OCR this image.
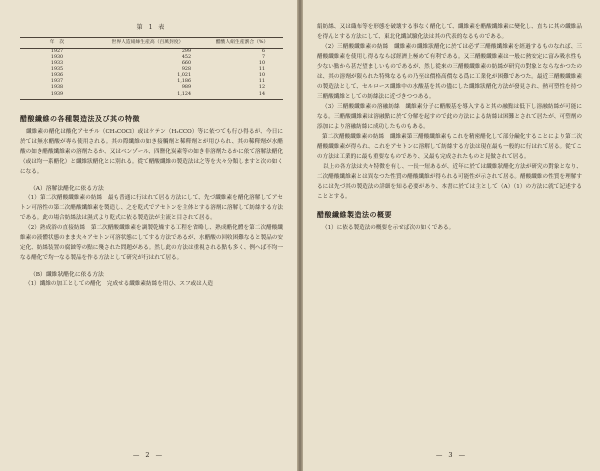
第 1 表
年　次	世界人造絹絲生産高（百萬封度）	醋酸人絹生産割合（%）
1927	299	6
1930	452	7
1933	660	10
1935	928	11
1936	1,021	10
1937	1,186	11
1938	989	12
1939	1,124	14
醋酸纖維の各種製造法及び其の特徴

纖維素の醋化は酸化アセチル（CH₃COCl）或はケテン（H₂CCO）等に依つても行ひ得るが、今日に於ては無水醋酸が專ら使用される。其の際纖維の如き接觸劑と稀釋劑とが用ひられ、其の稀釋劑が水醋酸の如き醋酸纖維素の溶劑たるか、又はベンゾール、四鹽化炭素等の如き非溶劑たるかに依て溶解法醋化（或は均一系醋化）と纖維狀醋化とに別れる。從て醋酸纖維の製造法は之等を夫々分類しますと次の如くになる。

（A）溶解法醋化に依る方法

（1）第二次醋酸纖維素の紡絲　最も普通に行はれて居る方法にして、先づ纖維素を醋化溶解してアセトン可溶性の第二次醋酸纖維素を製造し、之を乾式でアセトンを主体とする溶劑に溶解して紡絲する方法である。此の場合紡絲法は濕式より乾式に依る製造法が主流と目されて居る。

（2）熟成浴の直接紡絲　第二次醋酸纖維素を調製乾燥する工程を省略し、熟成醋化體を第二次醋酸纖維素の液體状態のまま夫々アセトン可溶状態にしてする方法であるが、水醋酸の回收困難なると製品の安定化、紡絲装置の腐蝕等の點に殘された問題がある。然し此の方法は重視される點も多く、例へば不均一なる醋化で均一なる製品を作る方法として研究が行はれて居る。

（B）纖維狀醋化に依る方法

（1）纖維の加工としての醋化　完成せる纖維素紡絲を用ひ、スフ或は人造

— 2 —

絹紡絲、又は織布等を形態を破壊する事なく醋化して、纖維素を醋酸纖維素に變化し、直ちに其の纖維品を得んとする方法にして、東北化纖試驗化法は其の代表的なるものである。

（2）三醋酸纖維素の紡絲　纖維素の纖維狀醋化に於ては必ず三醋酸纖維素を經過するものなれば、三醋酸纖維素を使用し得るならば經濟上極めて有利である。又三醋酸纖維素は一般に熱安定に富み吸水性も少ない點から甚だ望ましいものであるが、然し從來の三醋酸纖維素の紡絲が研究の對象とならなかつたのは、其の溶劑が限られた特殊なるもの乃至は價格高價なる爲に工業化が困難であつた。最近三醋酸纖維素の製造法として、セルロース纖維中の水酸基を其の儘にした纖維狀醋化方法が發見され、熱可塑性を持つ三醋酸纖維としての紡絲法に近づきつつある。

（3）三醋酸纖維素の溶融紡絲　纖維素分子に醋酸基を導入すると其の融點は低下し溶融紡絲が可能になる。三醋酸纖維素は溶融點に於て分解を起すので此の方法による紡絲は困難とされて居たが、可塑劑の添加により溶融紡絲に成功したものもある。

第二次醋酸纖維素の紡絲　纖維素第三醋酸纖維素もこれを精密醋化して部分鹼化することにより第二次醋酸纖維素が得られ、これをアセトンに溶解して紡絲する方法は現在最も一般的に行はれて居る。從てこの方法は工業的に最も重要なものであり、又最も完成されたものと見做されて居る。

以上の各方法は夫々特徴を有し、一長一短あるが、近年に於ては纖維狀醋化方法が研究の對象となり、二次醋酸纖維素とは異なつた性質の醋酸纖維が得られる可能性が示されて居る。醋酸纖維の性質を理解するには先づ其の製造法の詳細を知る必要があり、本書に於ては主として（A）（1）の方法に就て記述することとする。

醋酸纖維製造法の概要

（1）に依る製造法の概要を示せば次の如くである。

— 3 —
